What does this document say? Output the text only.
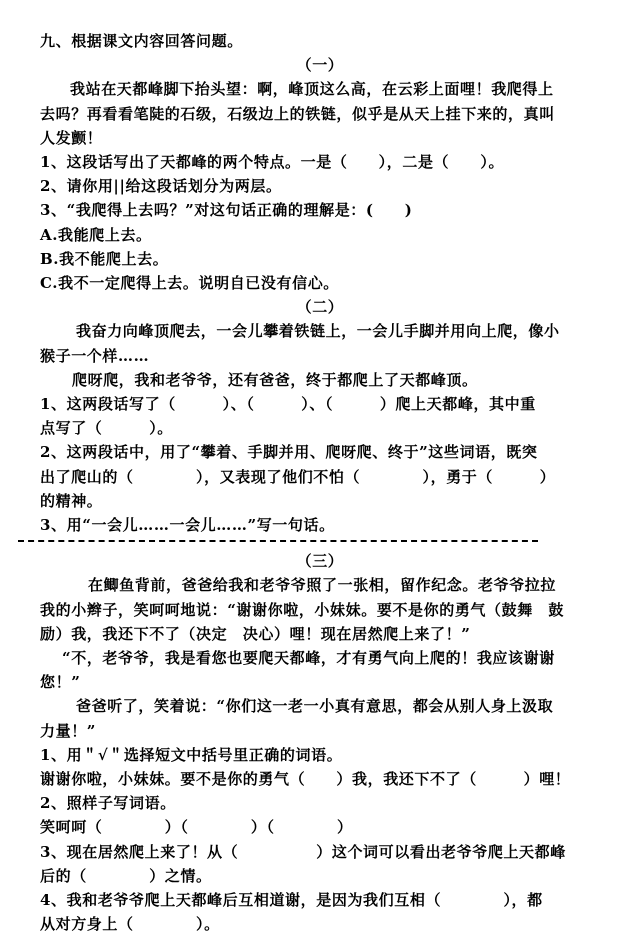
九、根据课文内容回答问题。
（一）
我站在天都峰脚下抬头望：啊，峰顶这么高，在云彩上面哩！我爬得上
去吗？再看看笔陡的石级，石级边上的铁链，似乎是从天上挂下来的，真叫
人发颤！
1、这段话写出了天都峰的两个特点。一是（　　），二是（　　）。
2、请你用||给这段话划分为两层。
3、“我爬得上去吗？”对这句话正确的理解是：(　　)
A.我能爬上去。
B.我不能爬上去。
C.我不一定爬得上去。说明自已没有信心。
（二）
我奋力向峰顶爬去，一会儿攀着铁链上，一会儿手脚并用向上爬，像小
猴子一个样……
爬呀爬，我和老爷爷，还有爸爸，终于都爬上了天都峰顶。
1、这两段话写了（　　　）、（　　　）、（　　　）爬上天都峰，其中重
点写了（　　　）。
2、这两段话中，用了“攀着、手脚并用、爬呀爬、终于”这些词语，既突
出了爬山的（　　　　），又表现了他们不怕（　　　　），勇于（　　　）
的精神。
3、用“一会儿……一会儿……”写一句话。
（三）
在鲫鱼背前，爸爸给我和老爷爷照了一张相，留作纪念。老爷爷拉拉
我的小辫子，笑呵呵地说：“谢谢你啦，小妹妹。要不是你的勇气（鼓舞　鼓
励）我，我还下不了（决定　决心）哩！现在居然爬上来了！”
“不，老爷爷，我是看您也要爬天都峰，才有勇气向上爬的！我应该谢谢
您！”
爸爸听了，笑着说：“你们这一老一小真有意思，都会从别人身上汲取
力量！”
1、用＂√＂选择短文中括号里正确的词语。
谢谢你啦，小妹妹。要不是你的勇气（　　）我，我还下不了（　　　）哩！
2、照样子写词语。
笑呵呵（　　　　）（　　　　）（　　　　）
3、现在居然爬上来了！从（　　　　　）这个词可以看出老爷爷爬上天都峰
后的（　　　　）之情。
4、我和老爷爷爬上天都峰后互相道谢，是因为我们互相（　　　　），都
从对方身上（　　　　）。
